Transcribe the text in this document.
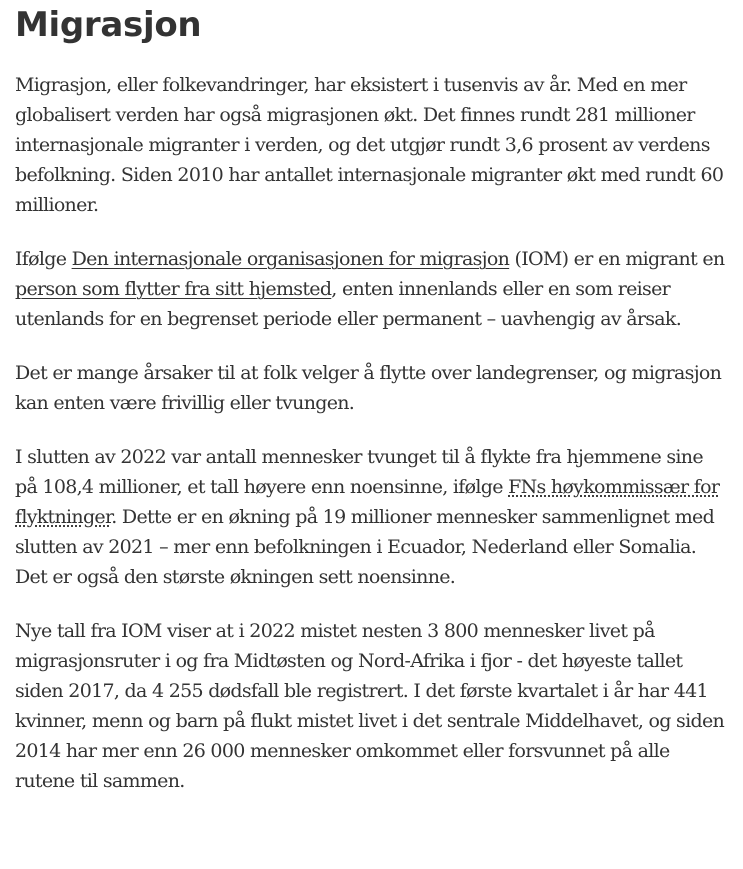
Migrasjon

Migrasjon, eller folkevandringer, har eksistert i tusenvis av år. Med en mer globalisert verden har også migrasjonen økt. Det finnes rundt 281 millioner internasjonale migranter i verden, og det utgjør rundt 3,6 prosent av verdens befolkning. Siden 2010 har antallet internasjonale migranter økt med rundt 60 millioner.

Ifølge Den internasjonale organisasjonen for migrasjon (IOM) er en migrant en person som flytter fra sitt hjemsted, enten innenlands eller en som reiser utenlands for en begrenset periode eller permanent – uavhengig av årsak.

Det er mange årsaker til at folk velger å flytte over landegrenser, og migrasjon kan enten være frivillig eller tvungen.

I slutten av 2022 var antall mennesker tvunget til å flykte fra hjemmene sine på 108,4 millioner, et tall høyere enn noensinne, ifølge FNs høykommissær for flyktninger. Dette er en økning på 19 millioner mennesker sammenlignet med slutten av 2021 – mer enn befolkningen i Ecuador, Nederland eller Somalia. Det er også den største økningen sett noensinne.

Nye tall fra IOM viser at i 2022 mistet nesten 3 800 mennesker livet på migrasjonsruter i og fra Midtøsten og Nord-Afrika i fjor - det høyeste tallet siden 2017, da 4 255 dødsfall ble registrert. I det første kvartalet i år har 441 kvinner, menn og barn på flukt mistet livet i det sentrale Middelhavet, og siden 2014 har mer enn 26 000 mennesker omkommet eller forsvunnet på alle rutene til sammen.
